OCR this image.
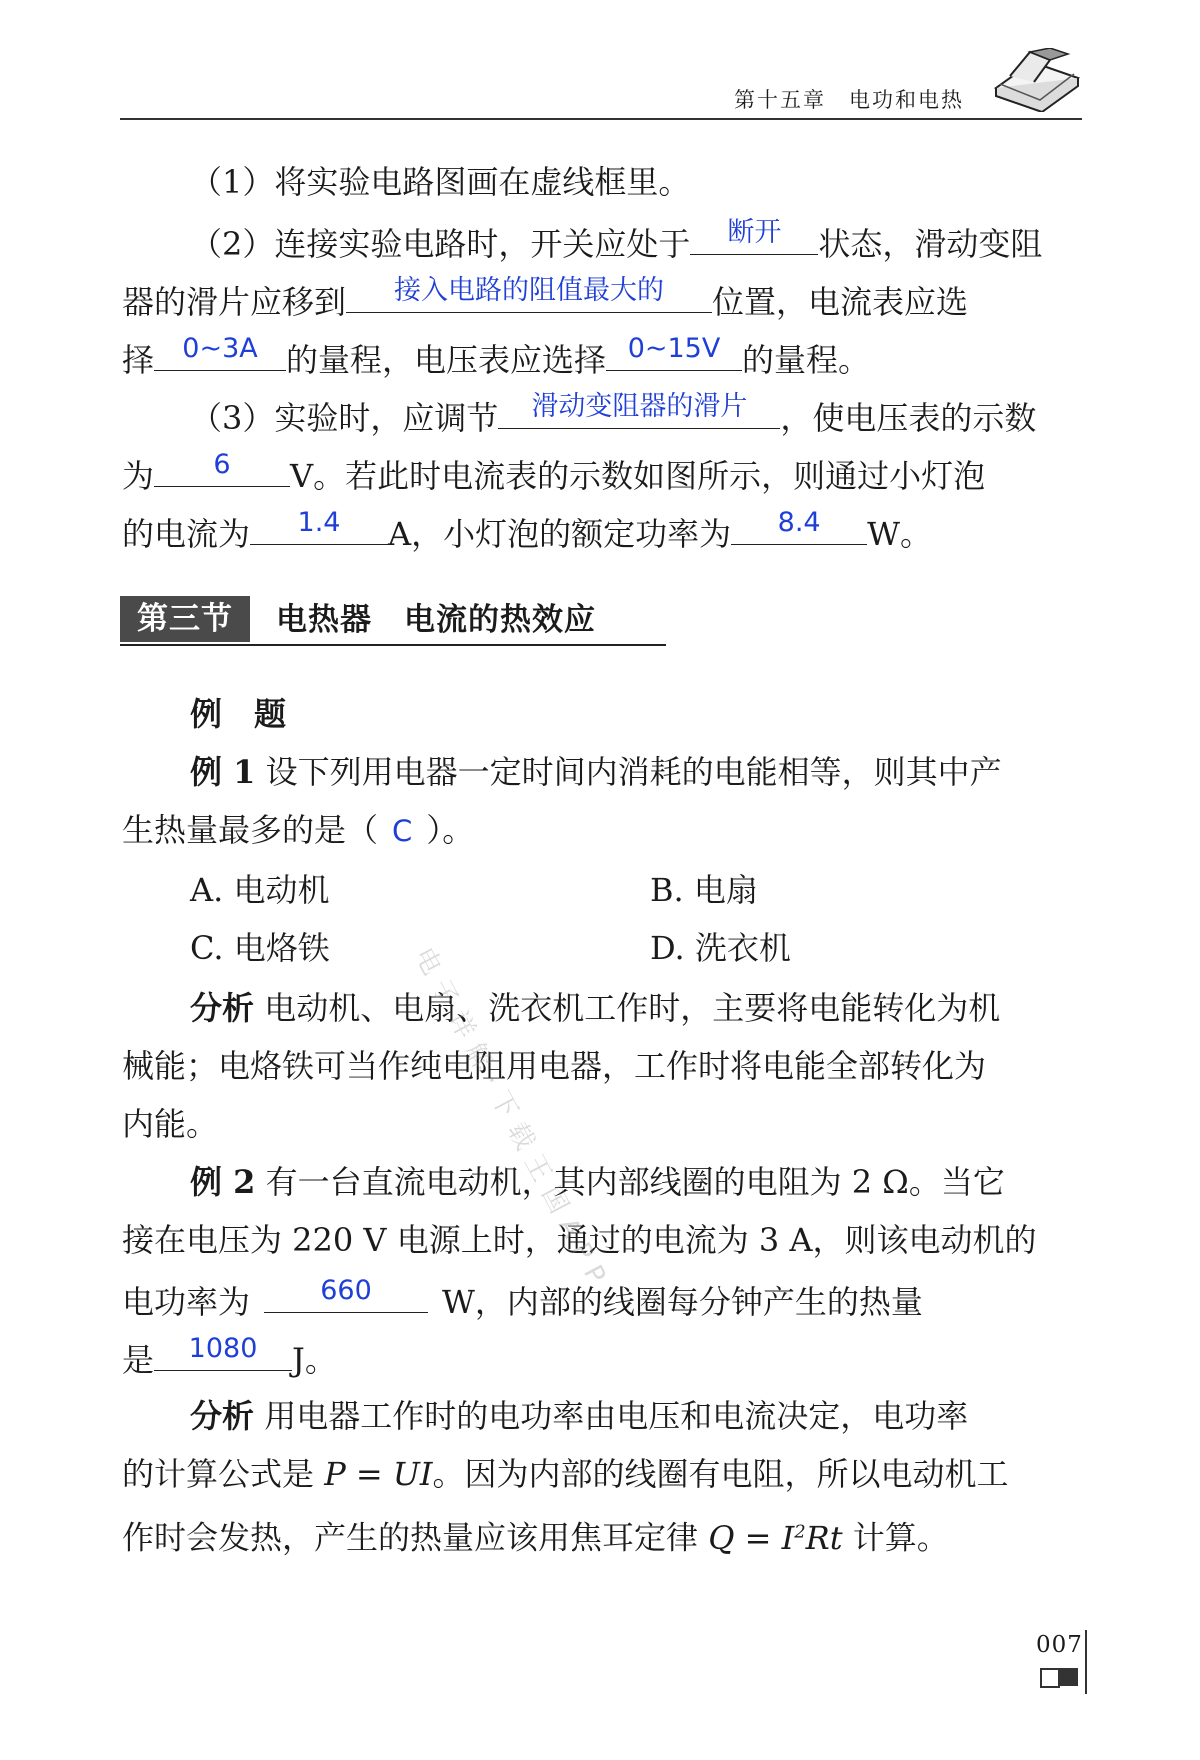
第十五章　电功和电热
（1）将实验电路图画在虚线框里。
（2）连接实验电路时，开关应处于	断开	状态，滑动变阻
器的滑片应移到	接入电路的阻值最大的	位置，电流表应选
择	0~3A 的量程，电压表应选择 0~15V 的量程。
（3）实验时，应调节	滑动变阻器的滑片	，使电压表的示数
为	6	V。若此时电流表的示数如图所示，则通过小灯泡
的电流为	1.4	A，小灯泡的额定功率为	8.4	W。
第三节	电热器　电流的热效应
例　题
例 1 设下列用电器一定时间内消耗的电能相等，则其中产
生热量最多的是（ C ）。
A. 电动机	B. 电扇
C. 电烙铁	D. 洗衣机
分析 电动机、电扇、洗衣机工作时，主要将电能转化为机
械能；电烙铁可当作纯电阻用电器，工作时将电能全部转化为
内能。
例 2 有一台直流电动机，其内部线圈的电阻为 2 Ω。当它
接在电压为 220 V 电源上时，通过的电流为 3 A，则该电动机的
电功率为	660	W，内部的线圈每分钟产生的热量
是	1080	J。
分析 用电器工作时的电功率由电压和电流决定，电功率
的计算公式是 P = UI。因为内部的线圈有电阻，所以电动机工
作时会发热，产生的热量应该用焦耳定律 $Q = I^2Rt$ 计算。
电子详解·下载王国APP
007
